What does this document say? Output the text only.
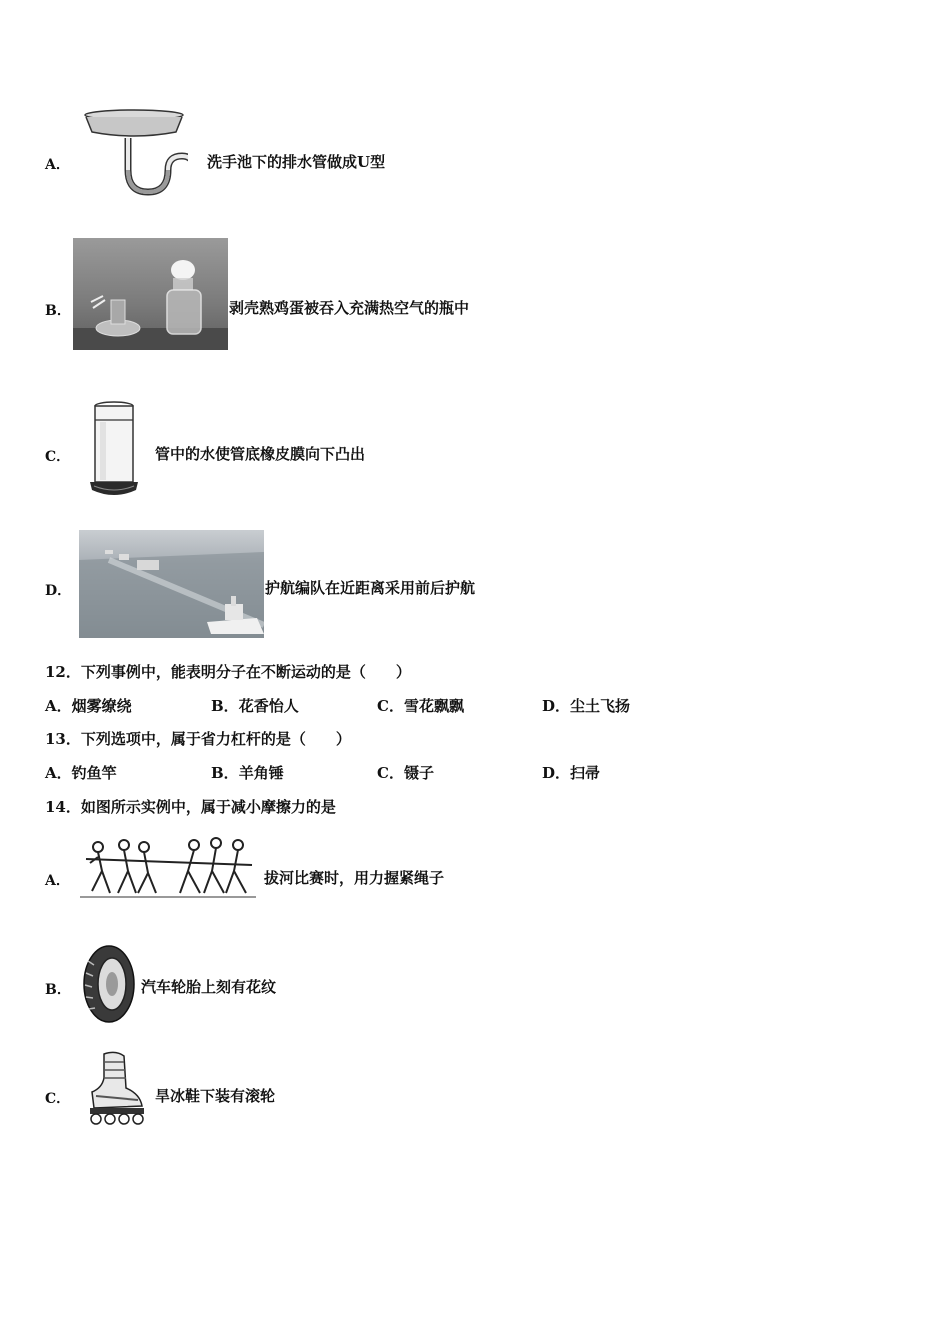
A．	洗手池下的排水管做成U型
B．	剥壳熟鸡蛋被吞入充满热空气的瓶中
C．	管中的水使管底橡皮膜向下凸出
D．	护航编队在近距离采用前后护航
12．下列事例中，能表明分子在不断运动的是（　　）
A．烟雾缭绕	B．花香怡人	C．雪花飘飘	D．尘土飞扬
13．下列选项中，属于省力杠杆的是（　　）
A．钓鱼竿	B．羊角锤	C．镊子	D．扫帚
14．如图所示实例中，属于减小摩擦力的是
A．	拔河比赛时，用力握紧绳子
B．	汽车轮胎上刻有花纹
C．	旱冰鞋下装有滚轮
